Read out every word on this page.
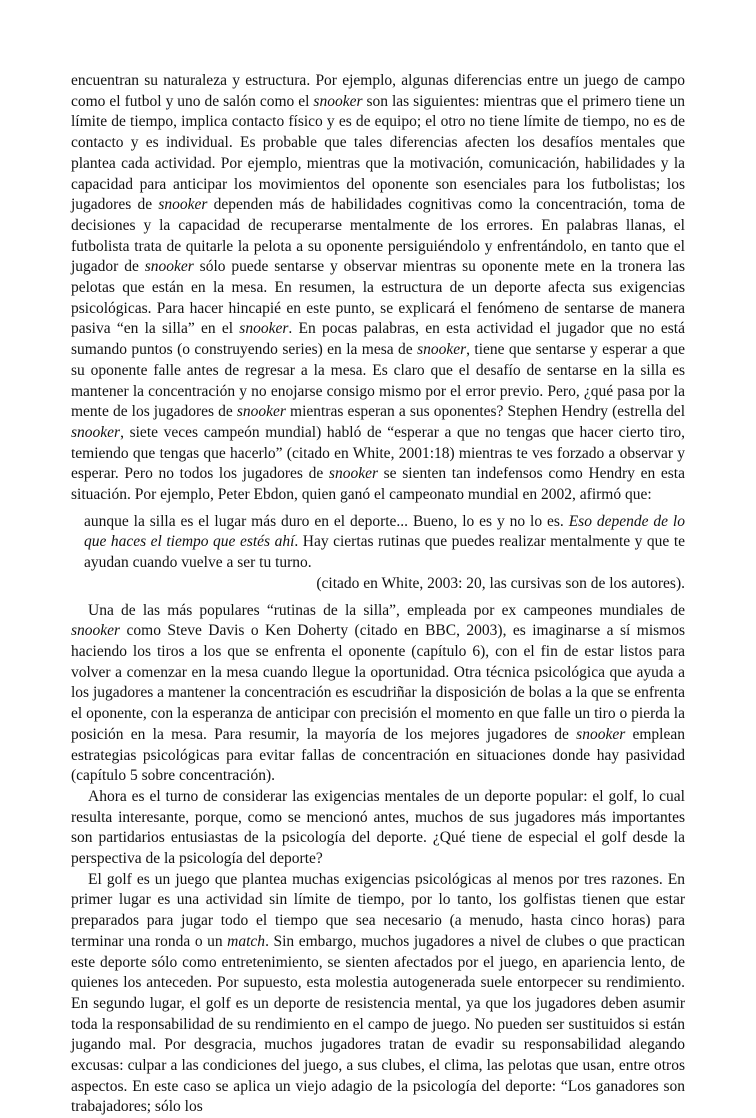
encuentran su naturaleza y estructura. Por ejemplo, algunas diferencias entre un juego de campo como el futbol y uno de salón como el snooker son las siguientes: mientras que el primero tiene un límite de tiempo, implica contacto físico y es de equipo; el otro no tiene límite de tiempo, no es de contacto y es individual. Es probable que tales diferencias afecten los desafíos mentales que plantea cada actividad. Por ejemplo, mientras que la motivación, comunicación, habilidades y la capacidad para anticipar los movimientos del oponente son esenciales para los futbolistas; los jugadores de snooker dependen más de habilidades cognitivas como la concentración, toma de decisiones y la capacidad de recuperarse mentalmente de los errores. En palabras llanas, el futbolista trata de quitarle la pelota a su oponente persiguiéndolo y enfrentándolo, en tanto que el jugador de snooker sólo puede sentarse y observar mientras su oponente mete en la tronera las pelotas que están en la mesa. En resumen, la estructura de un deporte afecta sus exigencias psicológicas. Para hacer hincapié en este punto, se explicará el fenómeno de sentarse de manera pasiva “en la silla” en el snooker. En pocas palabras, en esta actividad el jugador que no está sumando puntos (o construyendo series) en la mesa de snooker, tiene que sentarse y esperar a que su oponente falle antes de regresar a la mesa. Es claro que el desafío de sentarse en la silla es mantener la concentración y no enojarse consigo mismo por el error previo. Pero, ¿qué pasa por la mente de los jugadores de snooker mientras esperan a sus oponentes? Stephen Hendry (estrella del snooker, siete veces campeón mundial) habló de “esperar a que no tengas que hacer cierto tiro, temiendo que tengas que hacerlo” (citado en White, 2001:18) mientras te ves forzado a observar y esperar. Pero no todos los jugadores de snooker se sienten tan indefensos como Hendry en esta situación. Por ejemplo, Peter Ebdon, quien ganó el campeonato mundial en 2002, afirmó que:

aunque la silla es el lugar más duro en el deporte... Bueno, lo es y no lo es. Eso depende de lo que haces el tiempo que estés ahí. Hay ciertas rutinas que puedes realizar mentalmente y que te ayudan cuando vuelve a ser tu turno.

(citado en White, 2003: 20, las cursivas son de los autores).

Una de las más populares “rutinas de la silla”, empleada por ex campeones mundiales de snooker como Steve Davis o Ken Doherty (citado en BBC, 2003), es imaginarse a sí mismos haciendo los tiros a los que se enfrenta el oponente (capítulo 6), con el fin de estar listos para volver a comenzar en la mesa cuando llegue la oportunidad. Otra técnica psicológica que ayuda a los jugadores a mantener la concentración es escudriñar la disposición de bolas a la que se enfrenta el oponente, con la esperanza de anticipar con precisión el momento en que falle un tiro o pierda la posición en la mesa. Para resumir, la mayoría de los mejores jugadores de snooker emplean estrategias psicológicas para evitar fallas de concentración en situaciones donde hay pasividad (capítulo 5 sobre concentración).

Ahora es el turno de considerar las exigencias mentales de un deporte popular: el golf, lo cual resulta interesante, porque, como se mencionó antes, muchos de sus jugadores más importantes son partidarios entusiastas de la psicología del deporte. ¿Qué tiene de especial el golf desde la perspectiva de la psicología del deporte?

El golf es un juego que plantea muchas exigencias psicológicas al menos por tres razones. En primer lugar es una actividad sin límite de tiempo, por lo tanto, los golfistas tienen que estar preparados para jugar todo el tiempo que sea necesario (a menudo, hasta cinco horas) para terminar una ronda o un match. Sin embargo, muchos jugadores a nivel de clubes o que practican este deporte sólo como entretenimiento, se sienten afectados por el juego, en apariencia lento, de quienes los anteceden. Por supuesto, esta molestia autogenerada suele entorpecer su rendimiento. En segundo lugar, el golf es un deporte de resistencia mental, ya que los jugadores deben asumir toda la responsabilidad de su rendimiento en el campo de juego. No pueden ser sustituidos si están jugando mal. Por desgracia, muchos jugadores tratan de evadir su responsabilidad alegando excusas: culpar a las condiciones del juego, a sus clubes, el clima, las pelotas que usan, entre otros aspectos. En este caso se aplica un viejo adagio de la psicología del deporte: “Los ganadores son trabajadores; sólo los
